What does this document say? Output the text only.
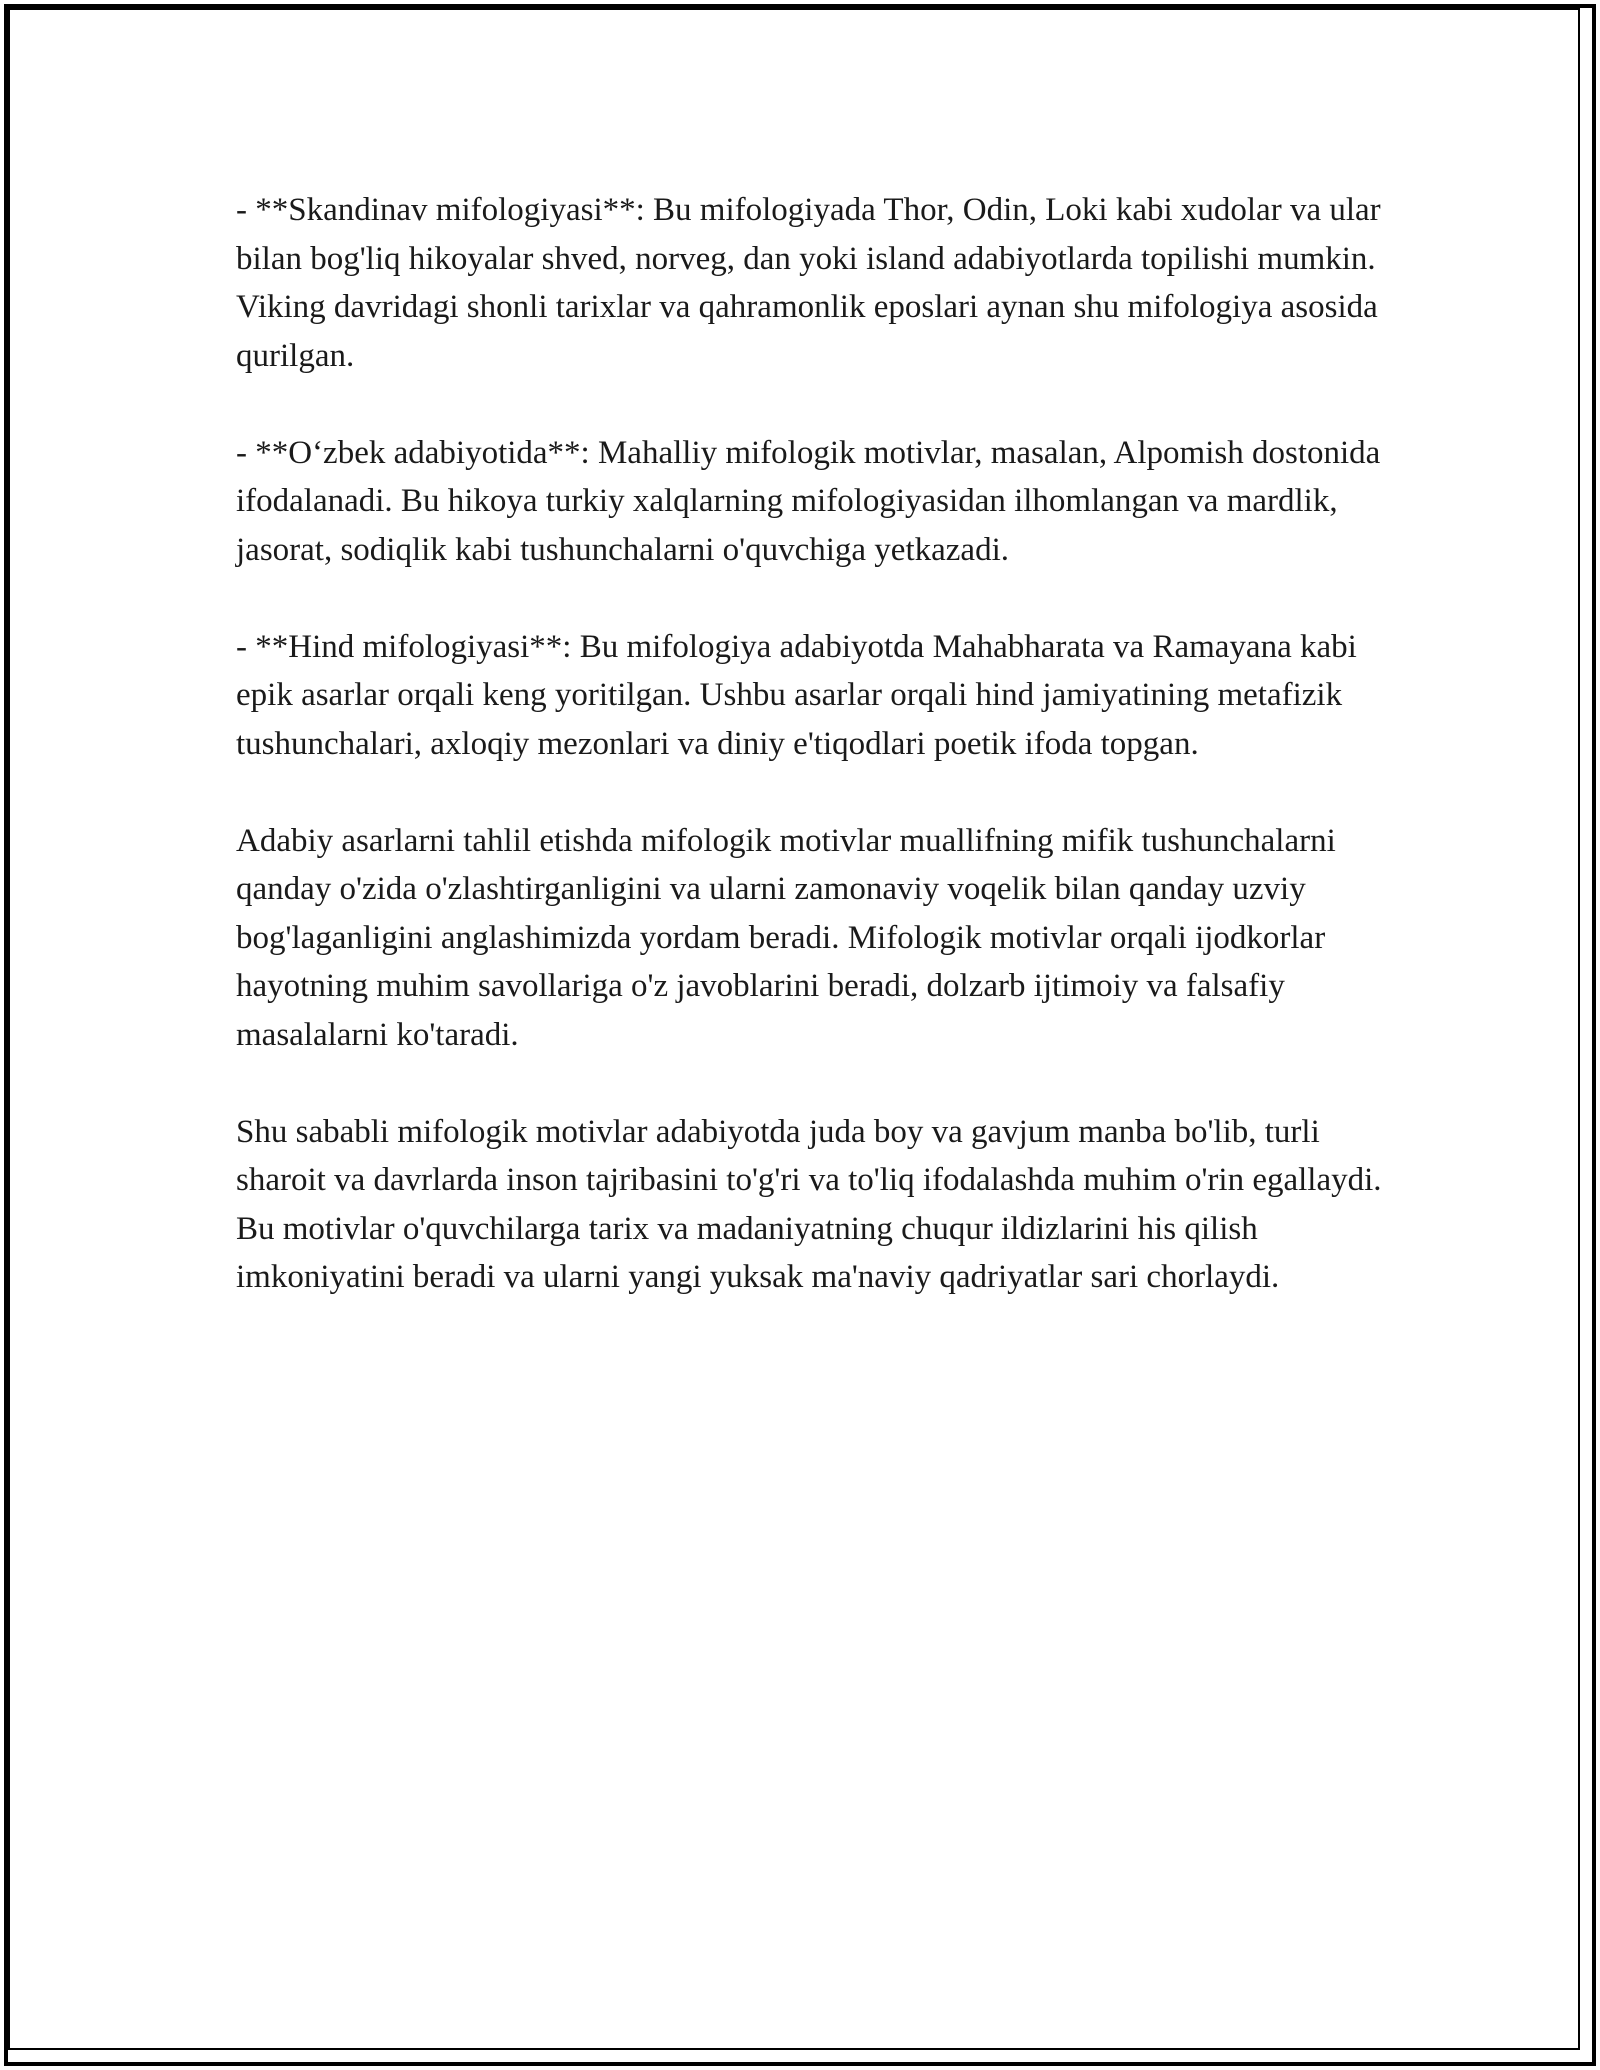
- **Skandinav mifologiyasi**: Bu mifologiyada Thor, Odin, Loki kabi xudolar va ular bilan bog'liq hikoyalar shved, norveg, dan yoki island adabiyotlarda topilishi mumkin. Viking davridagi shonli tarixlar va qahramonlik eposlari aynan shu mifologiya asosida qurilgan.

- **O‘zbek adabiyotida**: Mahalliy mifologik motivlar, masalan, Alpomish dostonida ifodalanadi. Bu hikoya turkiy xalqlarning mifologiyasidan ilhomlangan va mardlik, jasorat, sodiqlik kabi tushunchalarni o'quvchiga yetkazadi.

- **Hind mifologiyasi**: Bu mifologiya adabiyotda Mahabharata va Ramayana kabi epik asarlar orqali keng yoritilgan. Ushbu asarlar orqali hind jamiyatining metafizik tushunchalari, axloqiy mezonlari va diniy e'tiqodlari poetik ifoda topgan.

Adabiy asarlarni tahlil etishda mifologik motivlar muallifning mifik tushunchalarni qanday o'zida o'zlashtirganligini va ularni zamonaviy voqelik bilan qanday uzviy bog'laganligini anglashimizda yordam beradi. Mifologik motivlar orqali ijodkorlar hayotning muhim savollariga o'z javoblarini beradi, dolzarb ijtimoiy va falsafiy masalalarni ko'taradi.

Shu sababli mifologik motivlar adabiyotda juda boy va gavjum manba bo'lib, turli sharoit va davrlarda inson tajribasini to'g'ri va to'liq ifodalashda muhim o'rin egallaydi. Bu motivlar o'quvchilarga tarix va madaniyatning chuqur ildizlarini his qilish imkoniyatini beradi va ularni yangi yuksak ma'naviy qadriyatlar sari chorlaydi.
